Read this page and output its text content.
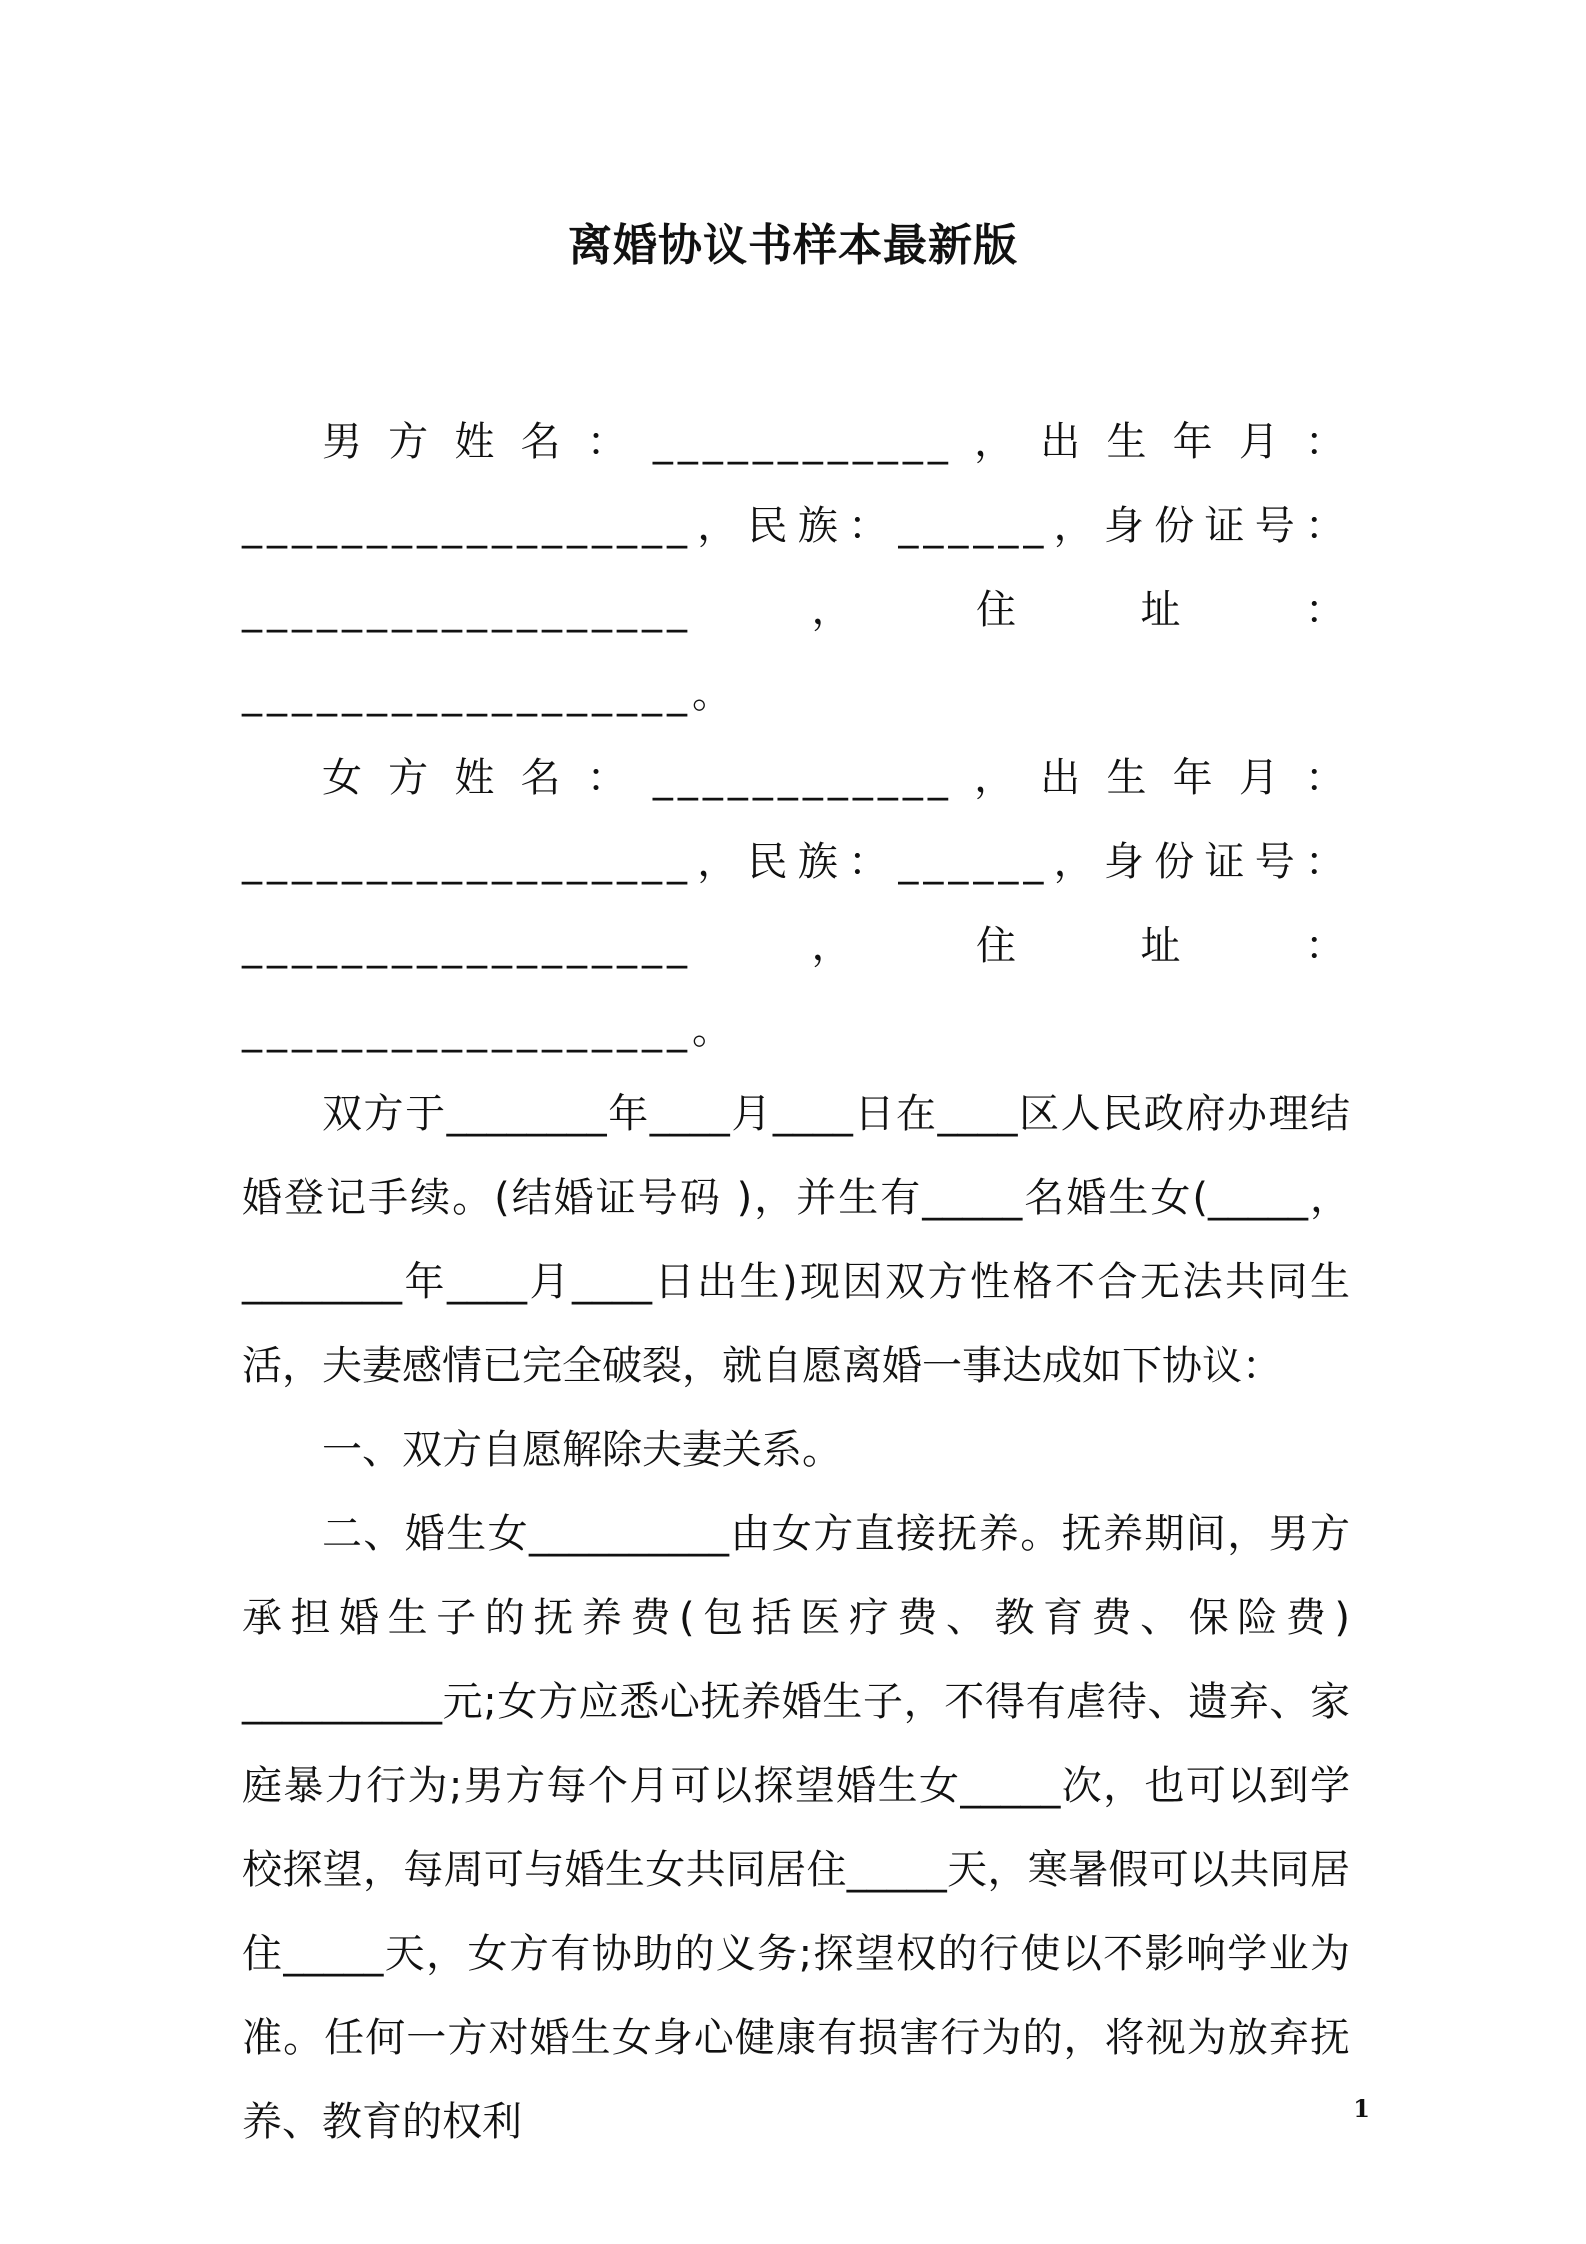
离婚协议书样本最新版

男方姓名：____________，出生年月：__________________，民族：______，身份证号：__________________，住址：__________________。

女方姓名：____________，出生年月：__________________，民族：______，身份证号：__________________，住址：__________________。

双方于________年____月____日在____区人民政府办理结婚登记手续。(结婚证号码 )，并生有_____名婚生女(_____，________年____月____日出生)现因双方性格不合无法共同生活，夫妻感情已完全破裂，就自愿离婚一事达成如下协议：

一、双方自愿解除夫妻关系。

二、婚生女__________由女方直接抚养。抚养期间，男方承担婚生子的抚养费(包括医疗费、教育费、保险费) __________元;女方应悉心抚养婚生子，不得有虐待、遗弃、家庭暴力行为;男方每个月可以探望婚生女_____次，也可以到学校探望，每周可与婚生女共同居住_____天，寒暑假可以共同居住_____天，女方有协助的义务;探望权的行使以不影响学业为准。任何一方对婚生女身心健康有损害行为的，将视为放弃抚养、教育的权利	1
